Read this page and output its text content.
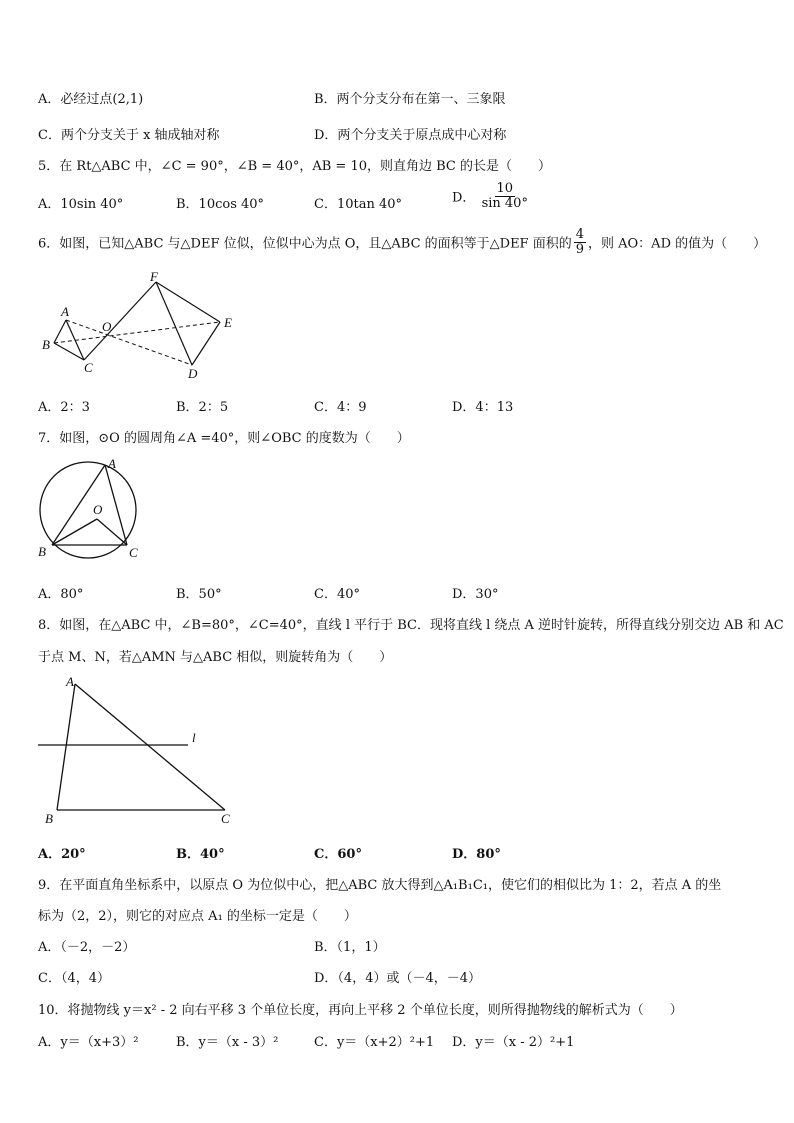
A．必经过点(2,1)	B．两个分支分布在第一、三象限
C．两个分支关于 x 轴成轴对称	D．两个分支关于原点成中心对称
5．在 Rt△ABC 中，∠C = 90°，∠B = 40°，AB = 10，则直角边 BC 的长是（　　）
A．10sin 40°	B．10cos 40°	C．10tan 40°	D． $\frac{10}{\sin 40^\circ}$
6．如图，已知△ABC 与△DEF 位似，位似中心为点 O，且△ABC 的面积等于△DEF 面积的 $\frac{4}{9}$ ，则 AO：AD 的值为（　　）
A
B
C
O
F
E
D
A．2：3	B．2：5	C．4：9	D．4：13
7．如图，⊙O 的圆周角∠A =40°，则∠OBC 的度数为（　　）
A
O
B	C
A．80°	B．50°	C．40°	D．30°
8．如图，在△ABC 中，∠B=80°，∠C=40°，直线 l 平行于 BC．现将直线 l 绕点 A 逆时针旋转，所得直线分别交边 AB 和 AC
于点 M、N，若△AMN 与△ABC 相似，则旋转角为（　　）
A
B	C
l
A．20°	B．40°	C．60°	D．80°
9．在平面直角坐标系中，以原点 O 为位似中心，把△ABC 放大得到△A₁B₁C₁，使它们的相似比为 1：2，若点 A 的坐
标为（2，2），则它的对应点 A₁ 的坐标一定是（　　）
A．（－2，－2）	B．（1，1）
C．（4，4）	D．（4，4）或（－4，－4）
10．将抛物线 y＝x² - 2 向右平移 3 个单位长度，再向上平移 2 个单位长度，则所得抛物线的解析式为（　　）
A．y＝（x+3）²	B．y＝（x - 3）²	C．y＝（x+2）²+1 D．y＝（x - 2）²+1
